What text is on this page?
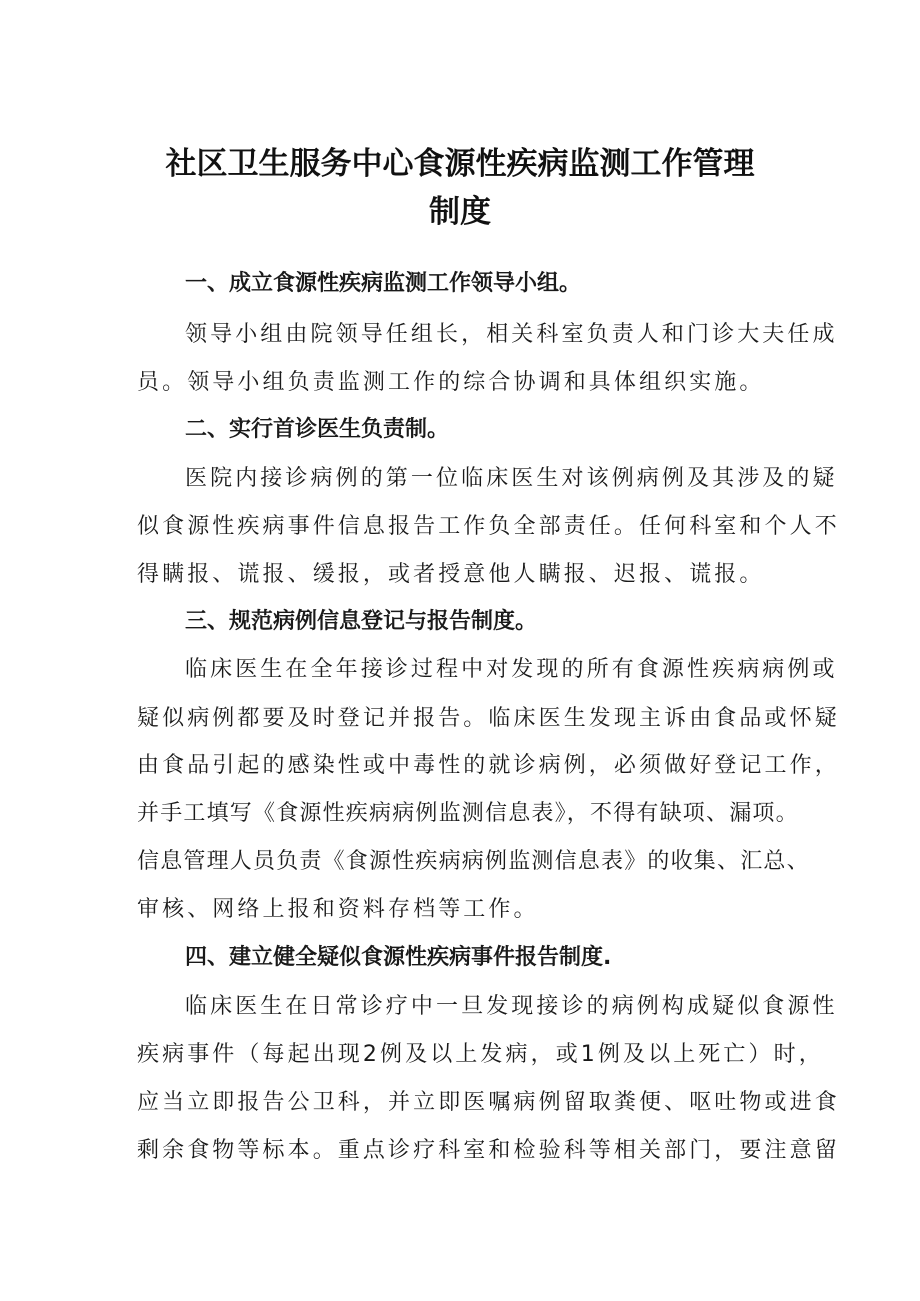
社区卫生服务中心食源性疾病监测工作管理
制度
一、成立食源性疾病监测工作领导小组。
领导小组由院领导任组长，相关科室负责人和门诊大夫任成
员。领导小组负责监测工作的综合协调和具体组织实施。
二、实行首诊医生负责制。
医院内接诊病例的第一位临床医生对该例病例及其涉及的疑
似食源性疾病事件信息报告工作负全部责任。任何科室和个人不
得瞒报、谎报、缓报，或者授意他人瞒报、迟报、谎报。
三、规范病例信息登记与报告制度。
临床医生在全年接诊过程中对发现的所有食源性疾病病例或
疑似病例都要及时登记并报告。临床医生发现主诉由食品或怀疑
由食品引起的感染性或中毒性的就诊病例，必须做好登记工作，
并手工填写《食源性疾病病例监测信息表》，不得有缺项、漏项。
信息管理人员负责《食源性疾病病例监测信息表》的收集、汇总、
审核、网络上报和资料存档等工作。
四、建立健全疑似食源性疾病事件报告制度.
临床医生在日常诊疗中一旦发现接诊的病例构成疑似食源性
疾病事件（每起出现2例及以上发病，或1例及以上死亡）时，
应当立即报告公卫科，并立即医嘱病例留取粪便、呕吐物或进食
剩余食物等标本。重点诊疗科室和检验科等相关部门，要注意留
